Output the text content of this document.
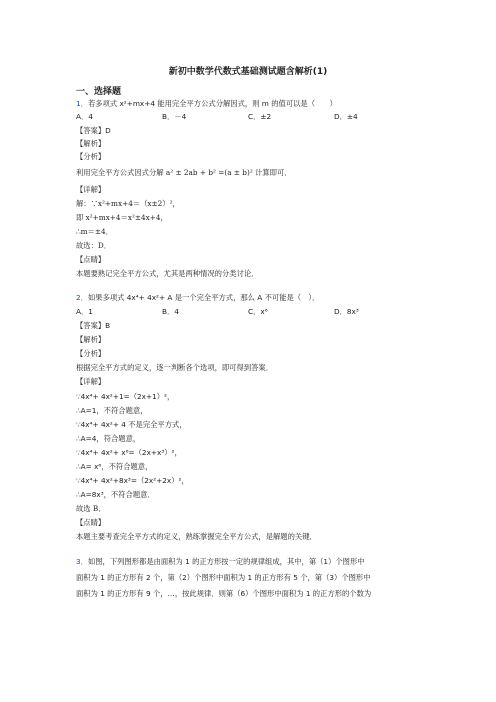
新初中数学代数式基础测试题含解析(1)
一、选择题
1．若多项式 x²+mx+4 能用完全平方公式分解因式，则 m 的值可以是（　　）
A．4	B．－4	C．±2	D．±4
【答案】D
【解析】
【分析】
利用完全平方公式因式分解 a² ± 2ab + b² =(a ± b)² 计算即可．
【详解】
解：∵x²+mx+4＝（x±2）²，
即 x²+mx+4＝x²±4x+4，
∴m＝±4．
故选：D．
【点睛】
本题要熟记完全平方公式，尤其是两种情况的分类讨论．
2．如果多项式 4x⁴+ 4x²+ A 是一个完全平方式，那么 A 不可能是（　）．
A．1	B．4	C．x⁶	D．8x³
【答案】B
【解析】
【分析】
根据完全平方式的定义，逐一判断各个选项，即可得到答案．
【详解】
∵4x⁴+ 4x²+1=（2x+1）²，
∴A=1，不符合题意，
∵4x⁴+ 4x²+ 4 不是完全平方式，
∴A=4，符合题意，
∵4x⁴+ 4x²+ x⁶=（2x+x³）²，
∴A= x⁶，不符合题意，
∵4x⁴+ 4x²+8x³=（2x²+2x）²，
∴A=8x³，不符合题意．
故选 B．
【点睛】
本题主要考查完全平方式的定义，熟练掌握完全平方公式，是解题的关键．
3．如图，下列图形都是由面积为 1 的正方形按一定的规律组成，其中，第（1）个图形中
面积为 1 的正方形有 2 个，第（2）个图形中面积为 1 的正方形有 5 个，第（3）个图形中
面积为 1 的正方形有 9 个，…，按此规律．则第（6）个图形中面积为 1 的正方形的个数为
